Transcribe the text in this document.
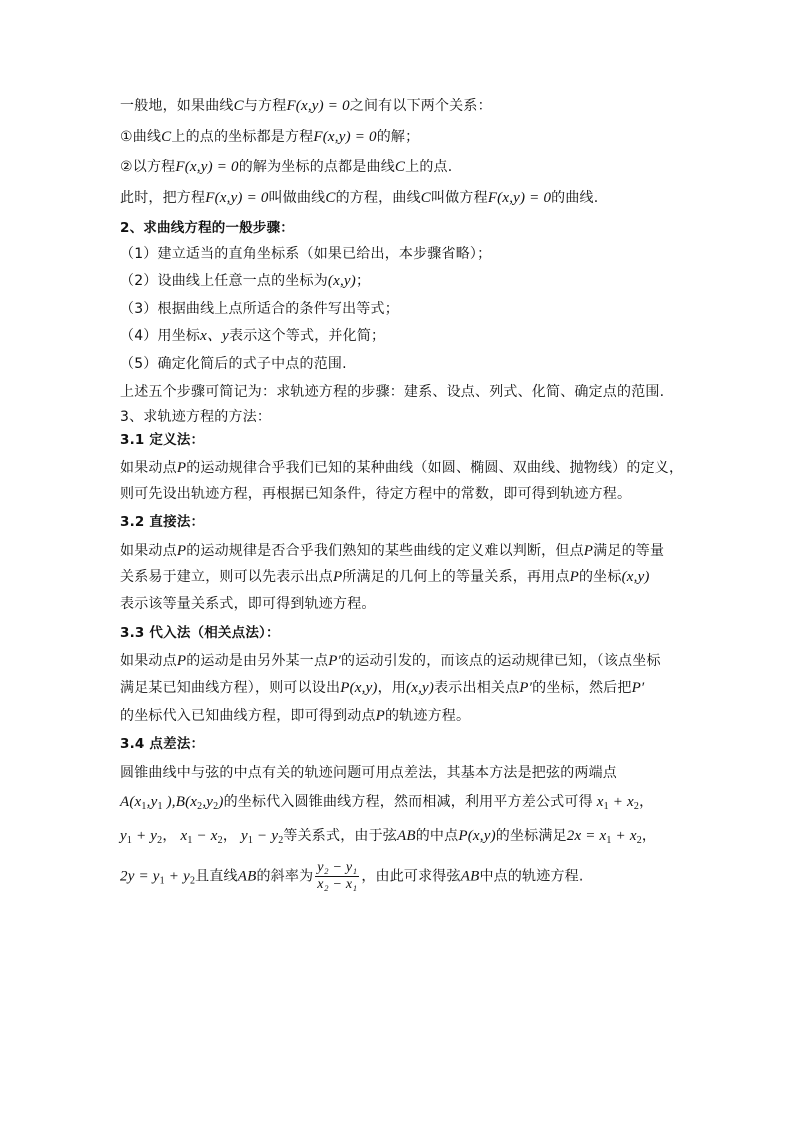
一般地，如果曲线C与方程F(x,y) = 0之间有以下两个关系：

①曲线C上的点的坐标都是方程F(x,y) = 0的解；

②以方程F(x,y) = 0的解为坐标的点都是曲线C上的点.

此时，把方程F(x,y) = 0叫做曲线C的方程，曲线C叫做方程F(x,y) = 0的曲线.

2、求曲线方程的一般步骤：

（1）建立适当的直角坐标系（如果已给出，本步骤省略）；

（2）设曲线上任意一点的坐标为(x,y)；

（3）根据曲线上点所适合的条件写出等式；

（4）用坐标x、y表示这个等式，并化简；

（5）确定化简后的式子中点的范围.

上述五个步骤可简记为：求轨迹方程的步骤：建系、设点、列式、化简、确定点的范围.

3、求轨迹方程的方法：

3.1 定义法：

如果动点P的运动规律合乎我们已知的某种曲线（如圆、椭圆、双曲线、抛物线）的定义，

则可先设出轨迹方程，再根据已知条件，待定方程中的常数，即可得到轨迹方程。

3.2 直接法：

如果动点P的运动规律是否合乎我们熟知的某些曲线的定义难以判断，但点P满足的等量

关系易于建立，则可以先表示出点P所满足的几何上的等量关系，再用点P的坐标(x,y)

表示该等量关系式，即可得到轨迹方程。

3.3 代入法（相关点法）：

如果动点P的运动是由另外某一点P′的运动引发的，而该点的运动规律已知，（该点坐标

满足某已知曲线方程），则可以设出P(x,y)，用(x,y)表示出相关点P′的坐标，然后把P′

的坐标代入已知曲线方程，即可得到动点P的轨迹方程。

3.4 点差法：

圆锥曲线中与弦的中点有关的轨迹问题可用点差法，其基本方法是把弦的两端点

$A(x_1,y_1$ )$,B(x_2,y_2)$的坐标代入圆锥曲线方程，然而相减，利用平方差公式可得 $x_1 + x_2$，

$y_1 + y_2$， $x_1 - x_2$， $y_1 - y_2$等关系式，由于弦AB的中点P(x,y)的坐标满足$2x = x_1 + x_2$，

$2y = y_1 + y_2$且直线AB的斜率为 $\frac{\text{y₂ − y₁}}{\text{x₂ − x₁}}$ ，由此可求得弦AB中点的轨迹方程.
